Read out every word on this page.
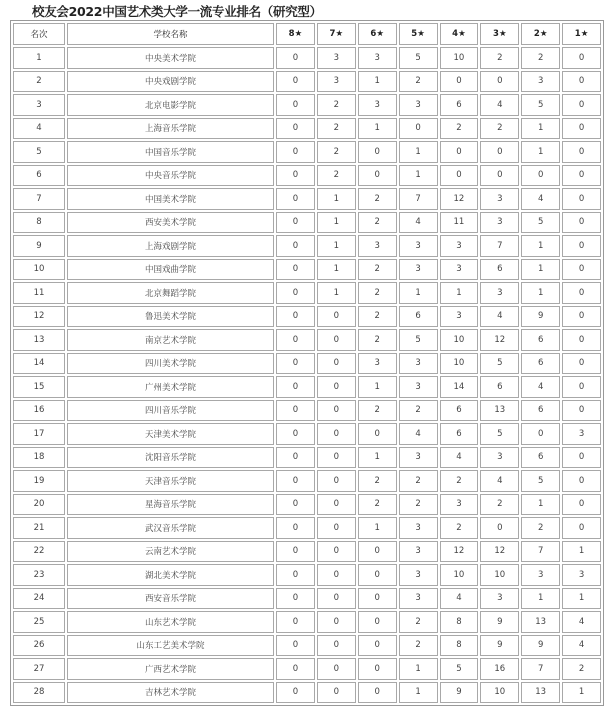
校友会2022中国艺术类大学一流专业排名（研究型）
名次	学校名称	8★	7★	6★	5★	4★	3★	2★	1★
1	中央美术学院	0	3	3	5	10	2	2	0
2	中央戏剧学院	0	3	1	2	0	0	3	0
3	北京电影学院	0	2	3	3	6	4	5	0
4	上海音乐学院	0	2	1	0	2	2	1	0
5	中国音乐学院	0	2	0	1	0	0	1	0
6	中央音乐学院	0	2	0	1	0	0	0	0
7	中国美术学院	0	1	2	7	12	3	4	0
8	西安美术学院	0	1	2	4	11	3	5	0
9	上海戏剧学院	0	1	3	3	3	7	1	0
10	中国戏曲学院	0	1	2	3	3	6	1	0
11	北京舞蹈学院	0	1	2	1	1	3	1	0
12	鲁迅美术学院	0	0	2	6	3	4	9	0
13	南京艺术学院	0	0	2	5	10	12	6	0
14	四川美术学院	0	0	3	3	10	5	6	0
15	广州美术学院	0	0	1	3	14	6	4	0
16	四川音乐学院	0	0	2	2	6	13	6	0
17	天津美术学院	0	0	0	4	6	5	0	3
18	沈阳音乐学院	0	0	1	3	4	3	6	0
19	天津音乐学院	0	0	2	2	2	4	5	0
20	星海音乐学院	0	0	2	2	3	2	1	0
21	武汉音乐学院	0	0	1	3	2	0	2	0
22	云南艺术学院	0	0	0	3	12	12	7	1
23	湖北美术学院	0	0	0	3	10	10	3	3
24	西安音乐学院	0	0	0	3	4	3	1	1
25	山东艺术学院	0	0	0	2	8	9	13	4
26	山东工艺美术学院	0	0	0	2	8	9	9	4
27	广西艺术学院	0	0	0	1	5	16	7	2
28	吉林艺术学院	0	0	0	1	9	10	13	1
